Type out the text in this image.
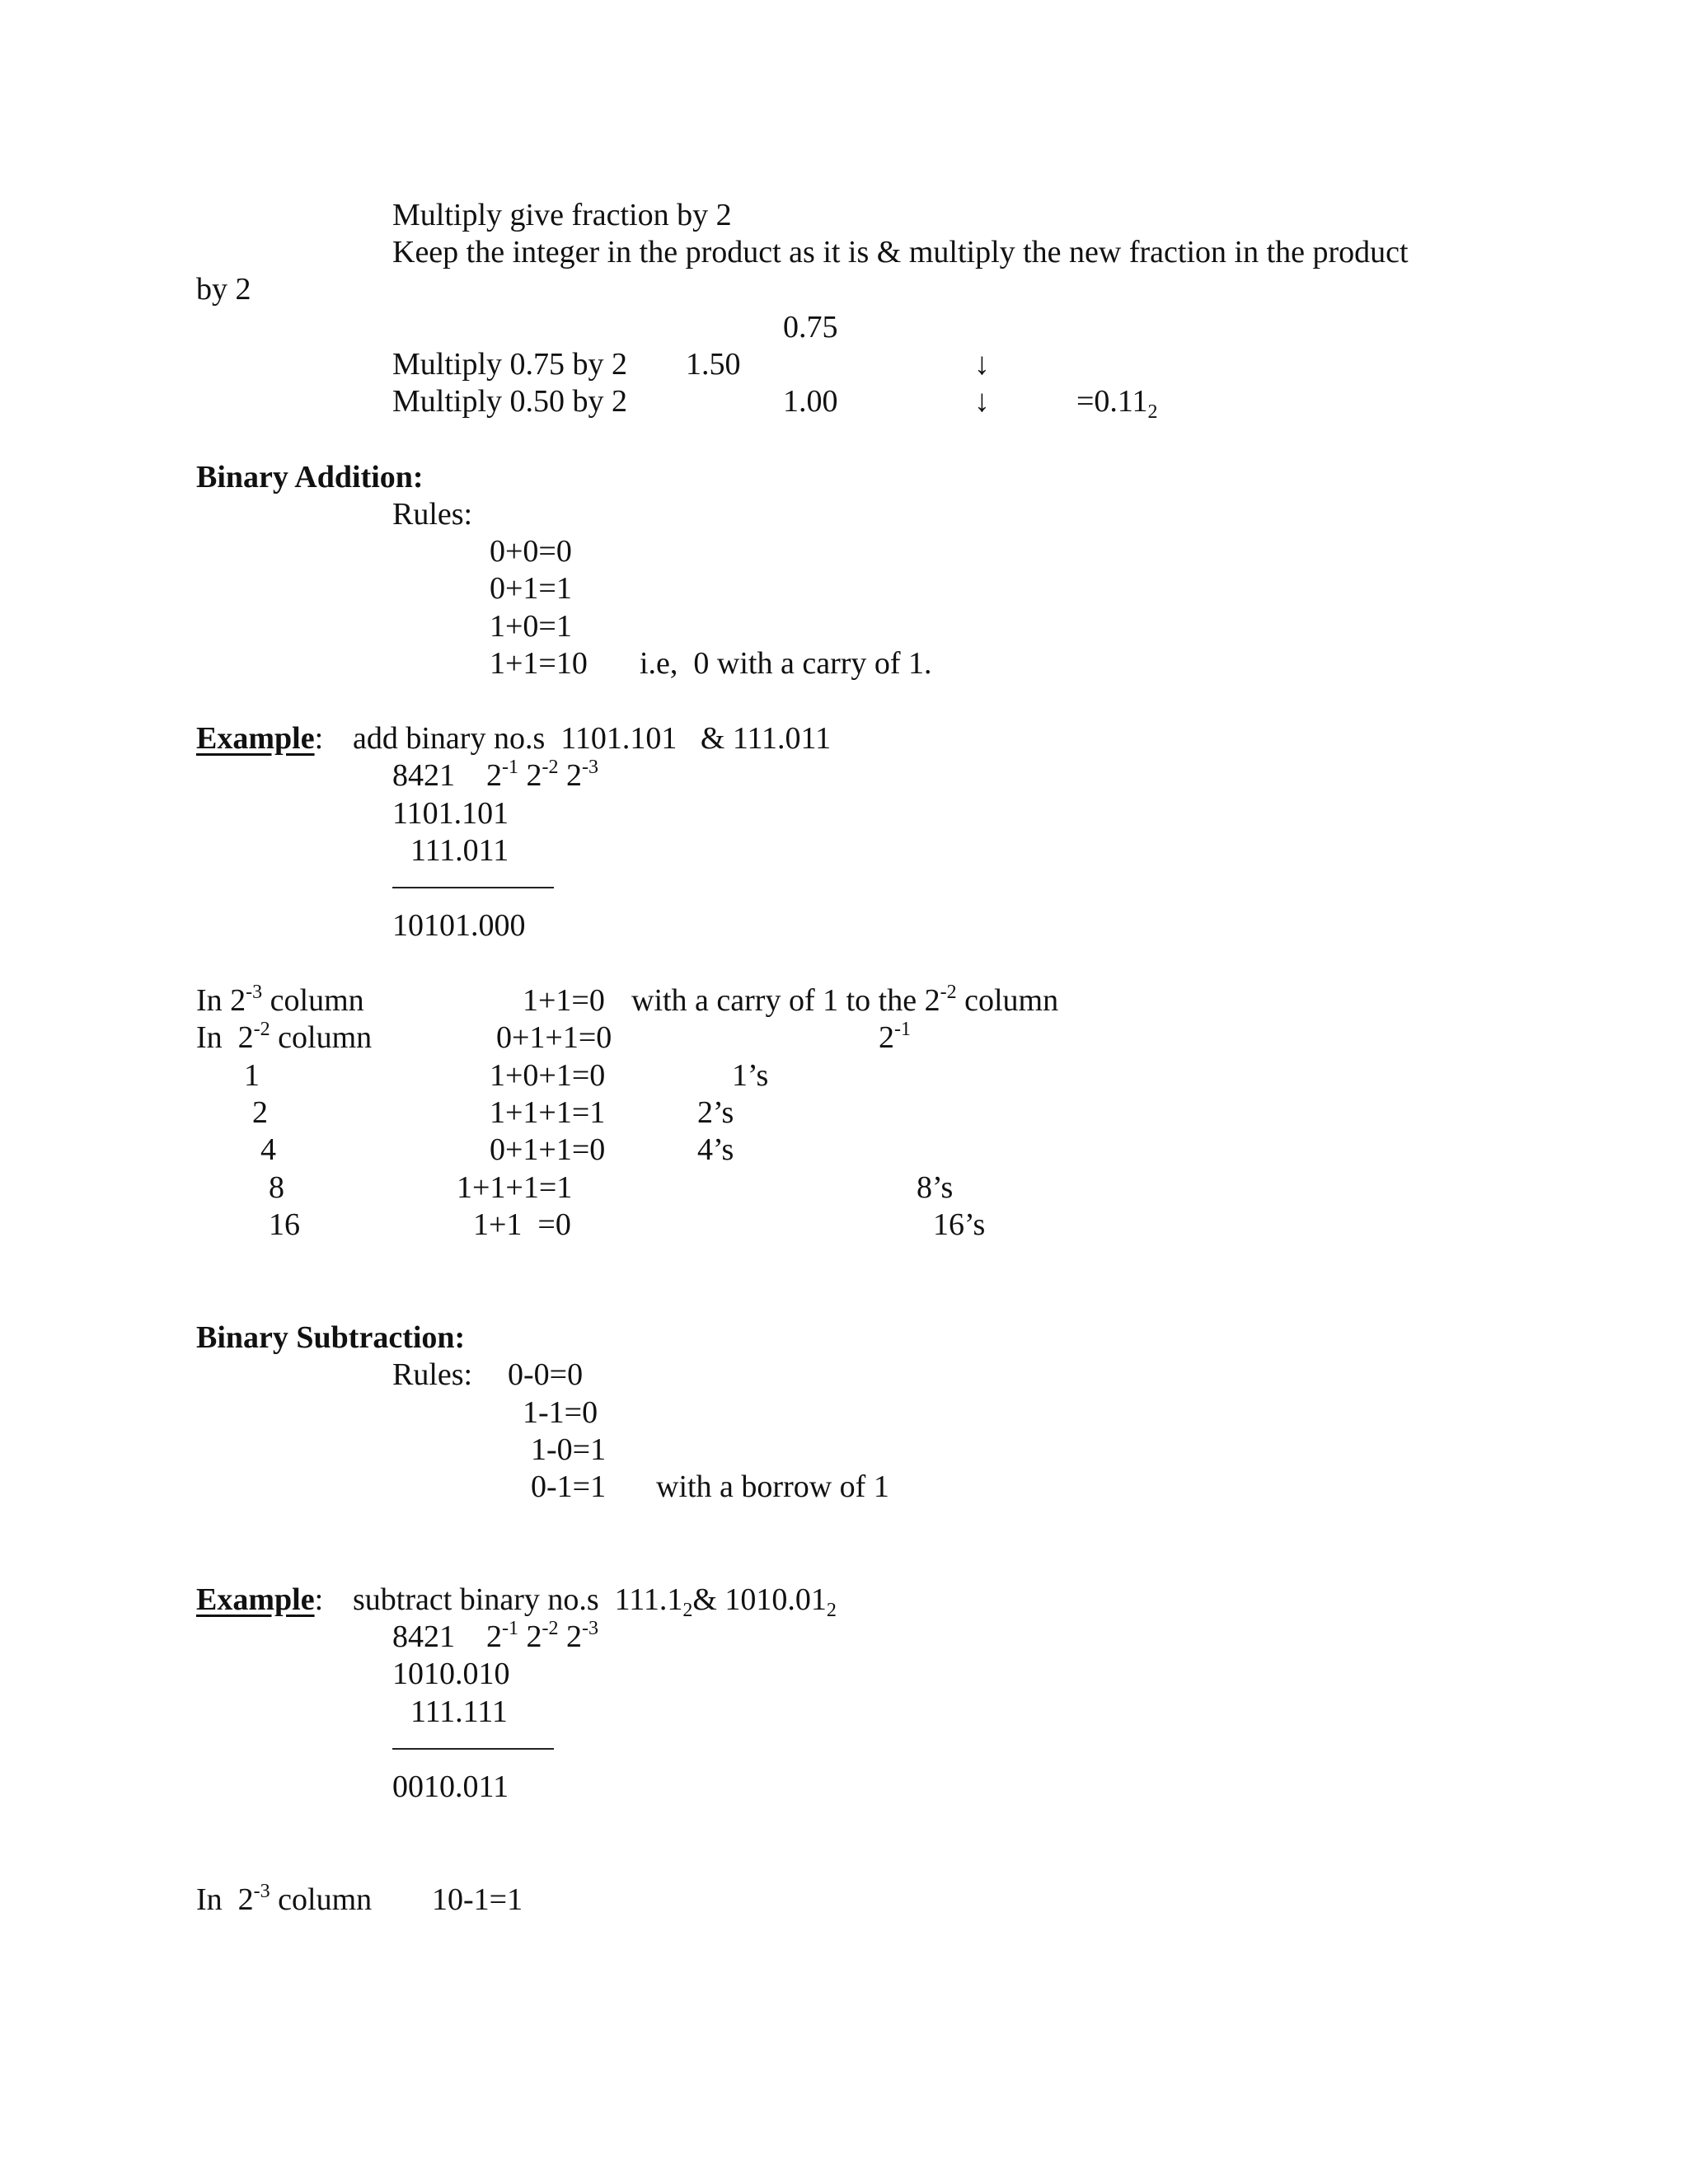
Multiply give fraction by 2
Keep the integer in the product as it is & multiply the new fraction in the product
by 2
0.75
Multiply 0.75 by 2 1.50	↓
Multiply 0.50 by 2	1.00	↓	$=0.11_2$
Binary Addition:
Rules:
0+0=0
0+1=1
1+0=1
1+1=10 i.e,  0 with a carry of 1.
Example: add binary no.s  1101.101   & 111.011
8421    $2^{-1}$ $2^{-2}$ $2^{-3}$
1101.101
111.011
10101.000
In $2^{-3}$ column	1+1=0 with a carry of 1 to the $2^{-2}$ column
In  $2^{-2}$ column	0+1+1=0	$2^{-1}$
1	1+0+1=0	1’s
2	1+1+1=1	2’s
4	0+1+1=0	4’s
8	1+1+1=1	8’s
16	1+1  =0	16’s
Binary Subtraction:
Rules: 0-0=0
1-1=0
1-0=1
0-1=1 with a borrow of 1
Example: subtract binary no.s  $111.1_2\&$ $1010.01_2$
8421    $2^{-1}$ $2^{-2}$ $2^{-3}$
1010.010
111.111
0010.011
In  $2^{-3}$ column 10-1=1
